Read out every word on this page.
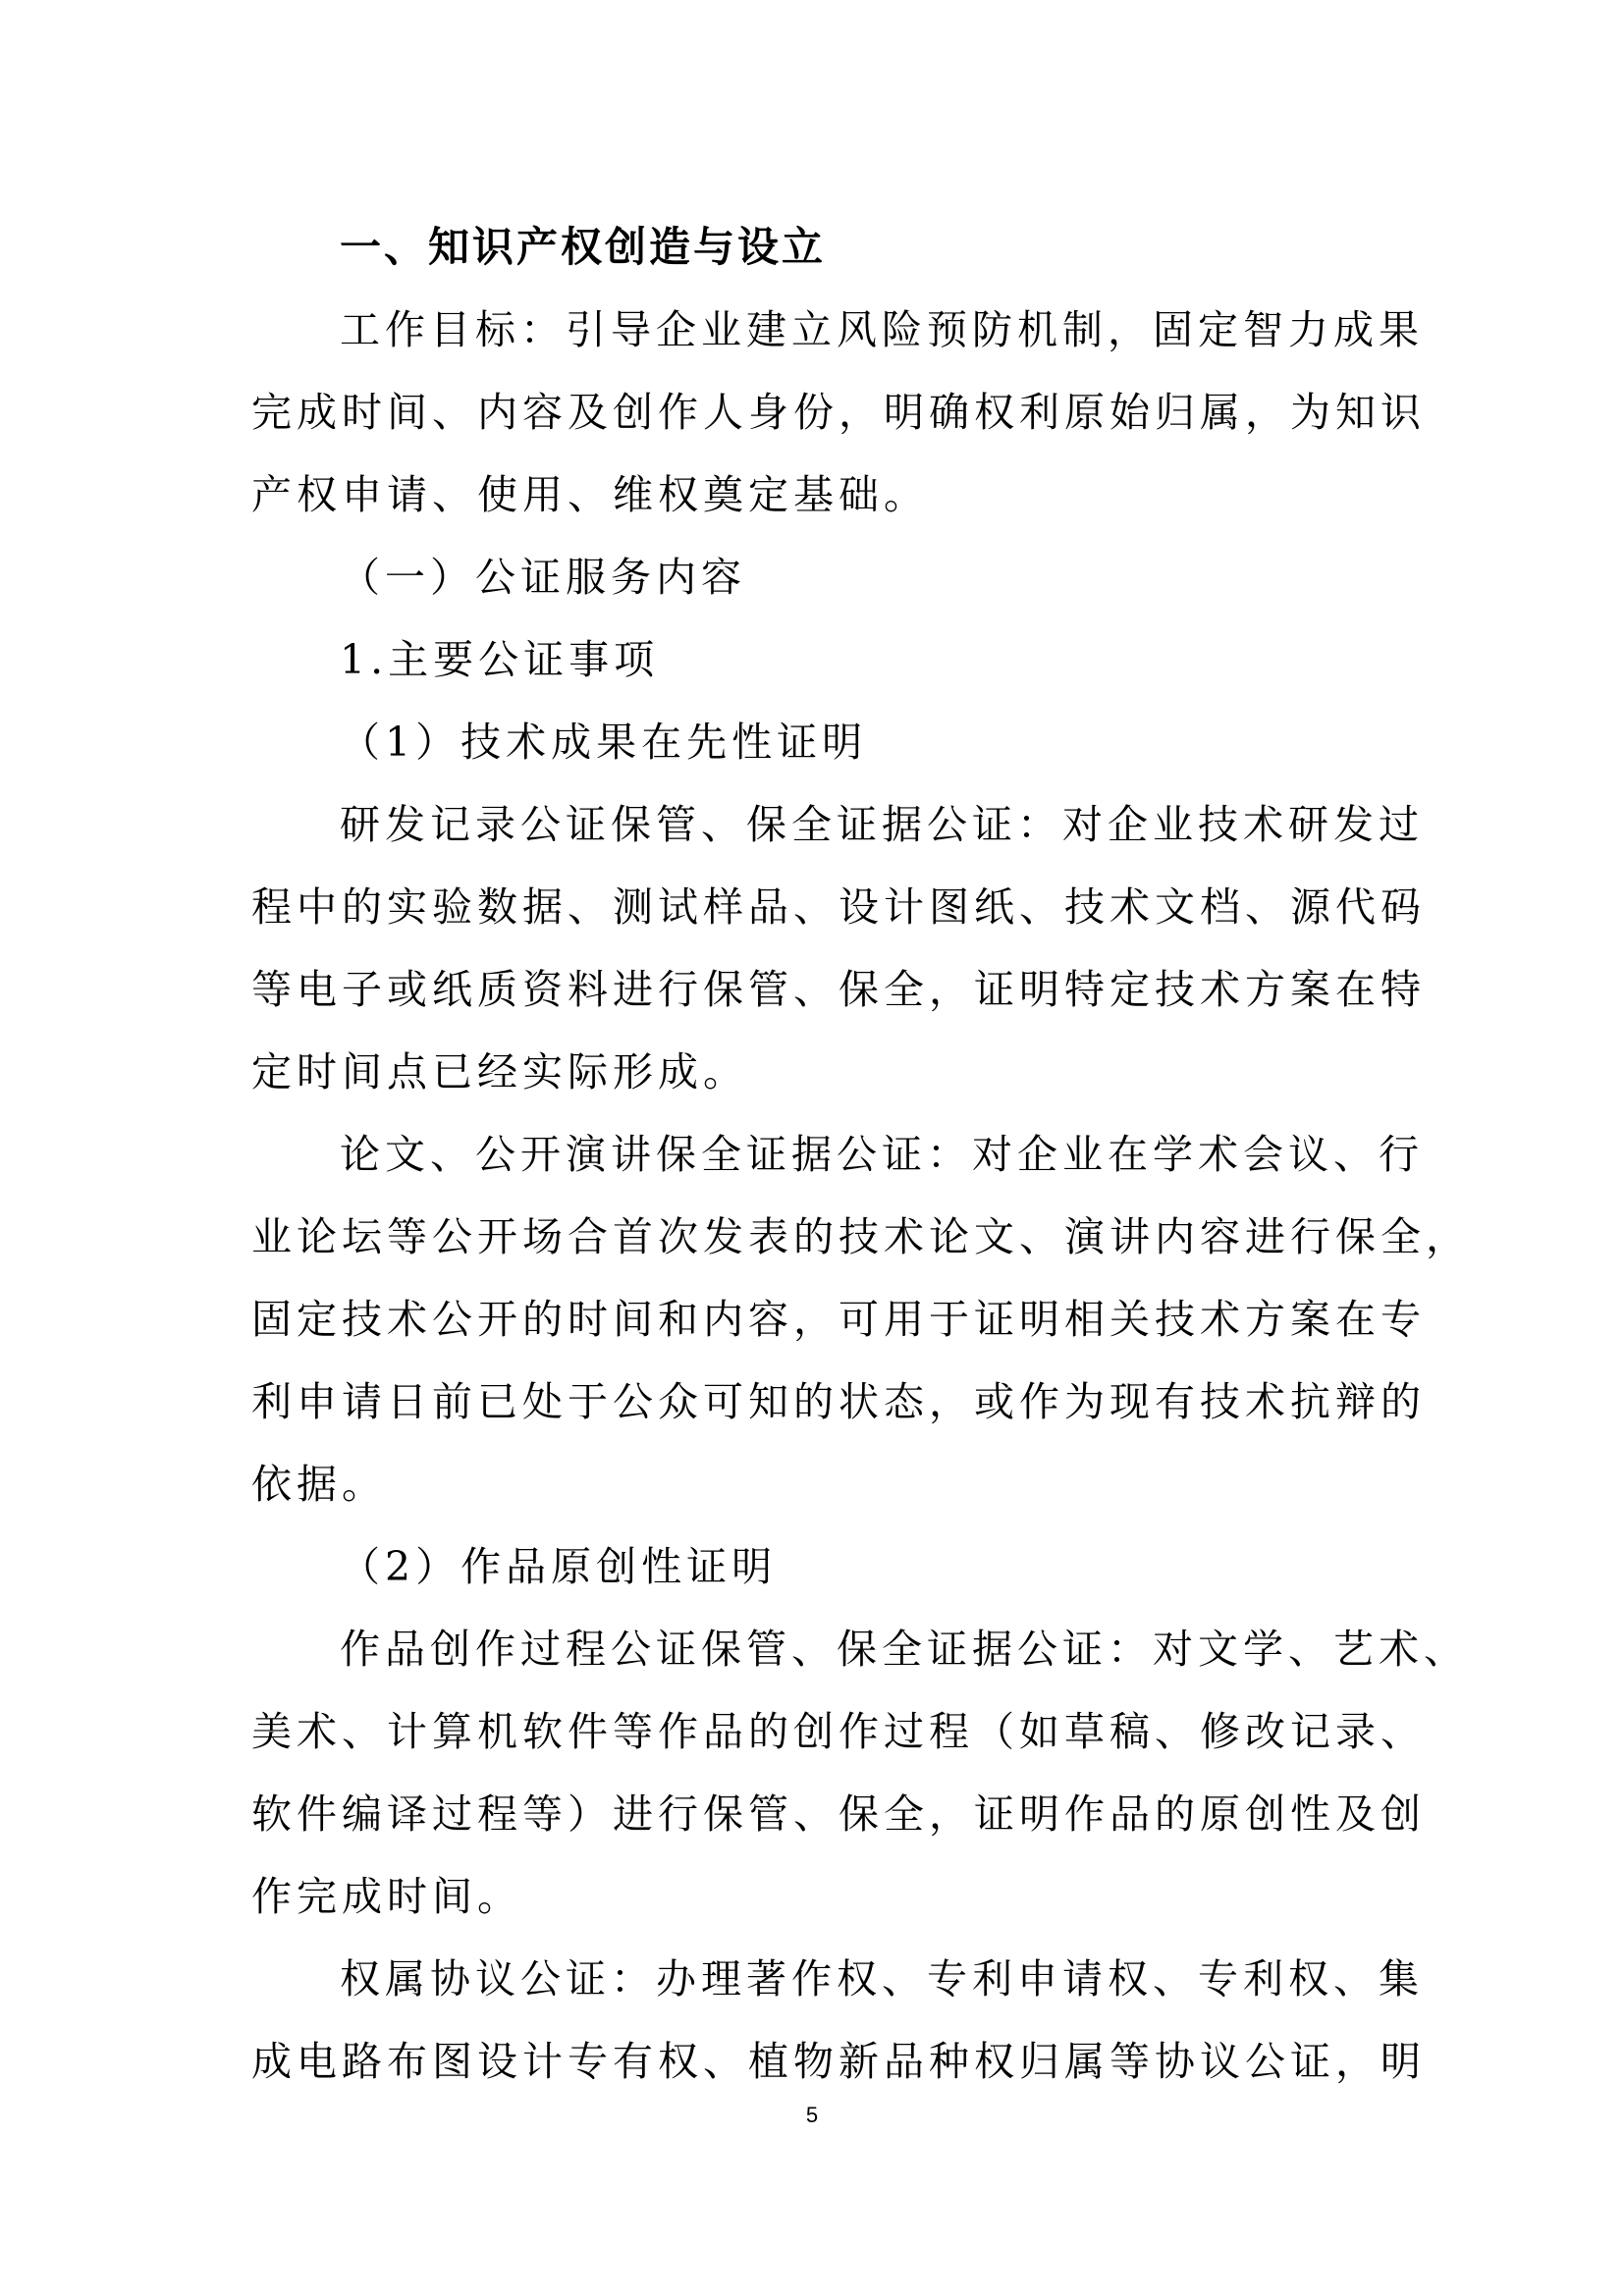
一、知识产权创造与设立

工作目标：引导企业建立风险预防机制，固定智力成果

完成时间、内容及创作人身份，明确权利原始归属，为知识

产权申请、使用、维权奠定基础。

（一）公证服务内容

1.主要公证事项

（1）技术成果在先性证明

研发记录公证保管、保全证据公证：对企业技术研发过

程中的实验数据、测试样品、设计图纸、技术文档、源代码

等电子或纸质资料进行保管、保全，证明特定技术方案在特

定时间点已经实际形成。

论文、公开演讲保全证据公证：对企业在学术会议、行

业论坛等公开场合首次发表的技术论文、演讲内容进行保全，

固定技术公开的时间和内容，可用于证明相关技术方案在专

利申请日前已处于公众可知的状态，或作为现有技术抗辩的

依据。

（2）作品原创性证明

作品创作过程公证保管、保全证据公证：对文学、艺术、

美术、计算机软件等作品的创作过程（如草稿、修改记录、

软件编译过程等）进行保管、保全，证明作品的原创性及创

作完成时间。

权属协议公证：办理著作权、专利申请权、专利权、集

成电路布图设计专有权、植物新品种权归属等协议公证，明

5
